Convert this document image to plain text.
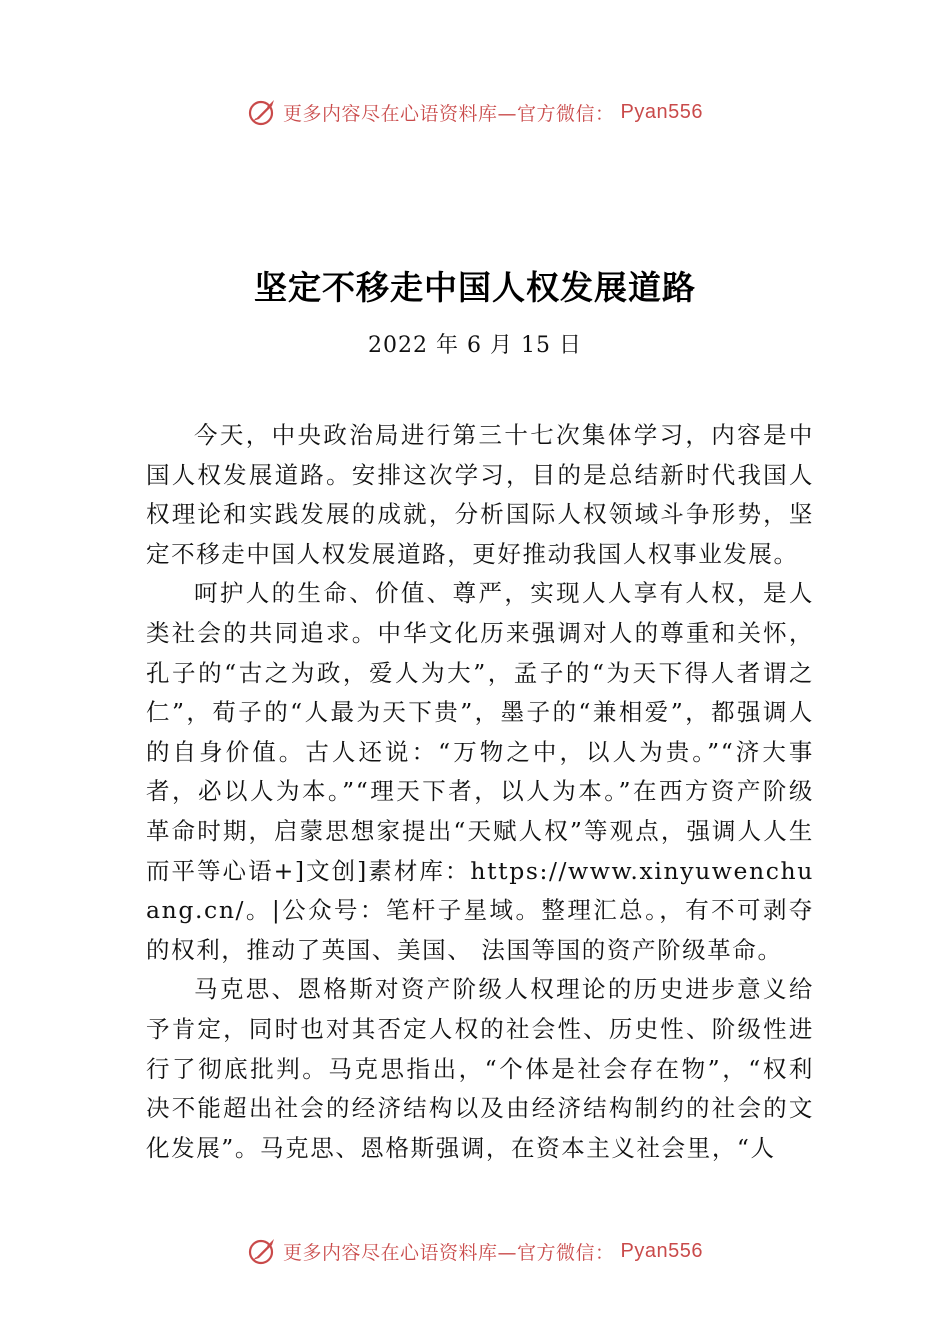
更多内容尽在心语资料库—官方微信： Pyan556
坚定不移走中国人权发展道路
2022 年 6 月 15 日

今天，中央政治局进行第三十七次集体学习，内容是中国人权发展道路。安排这次学习，目的是总结新时代我国人权理论和实践发展的成就，分析国际人权领域斗争形势，坚定不移走中国人权发展道路，更好推动我国人权事业发展。

呵护人的生命、价值、尊严，实现人人享有人权，是人类社会的共同追求。中华文化历来强调对人的尊重和关怀，孔子的“古之为政，爱人为大”，孟子的“为天下得人者谓之仁”，荀子的“人最为天下贵”，墨子的“兼相爱”，都强调人的自身价值。古人还说：“万物之中，以人为贵。”“济大事者，必以人为本。”“理天下者，以人为本。”在西方资产阶级革命时期，启蒙思想家提出“天赋人权”等观点，强调人人生而平等心语+]文创]素材库：https://www.xinyuwenchuang.cn/。|公众号：笔杆子星域。整理汇总。，有不可剥夺的权利，推动了英国、美国、 法国等国的资产阶级革命。

马克思、恩格斯对资产阶级人权理论的历史进步意义给予肯定，同时也对其否定人权的社会性、历史性、阶级性进行了彻底批判。马克思指出，“个体是社会存在物”，“权利决不能超出社会的经济结构以及由经济结构制约的社会的文化发展”。马克思、恩格斯强调，在资本主义社会里，“人

更多内容尽在心语资料库—官方微信： Pyan556
